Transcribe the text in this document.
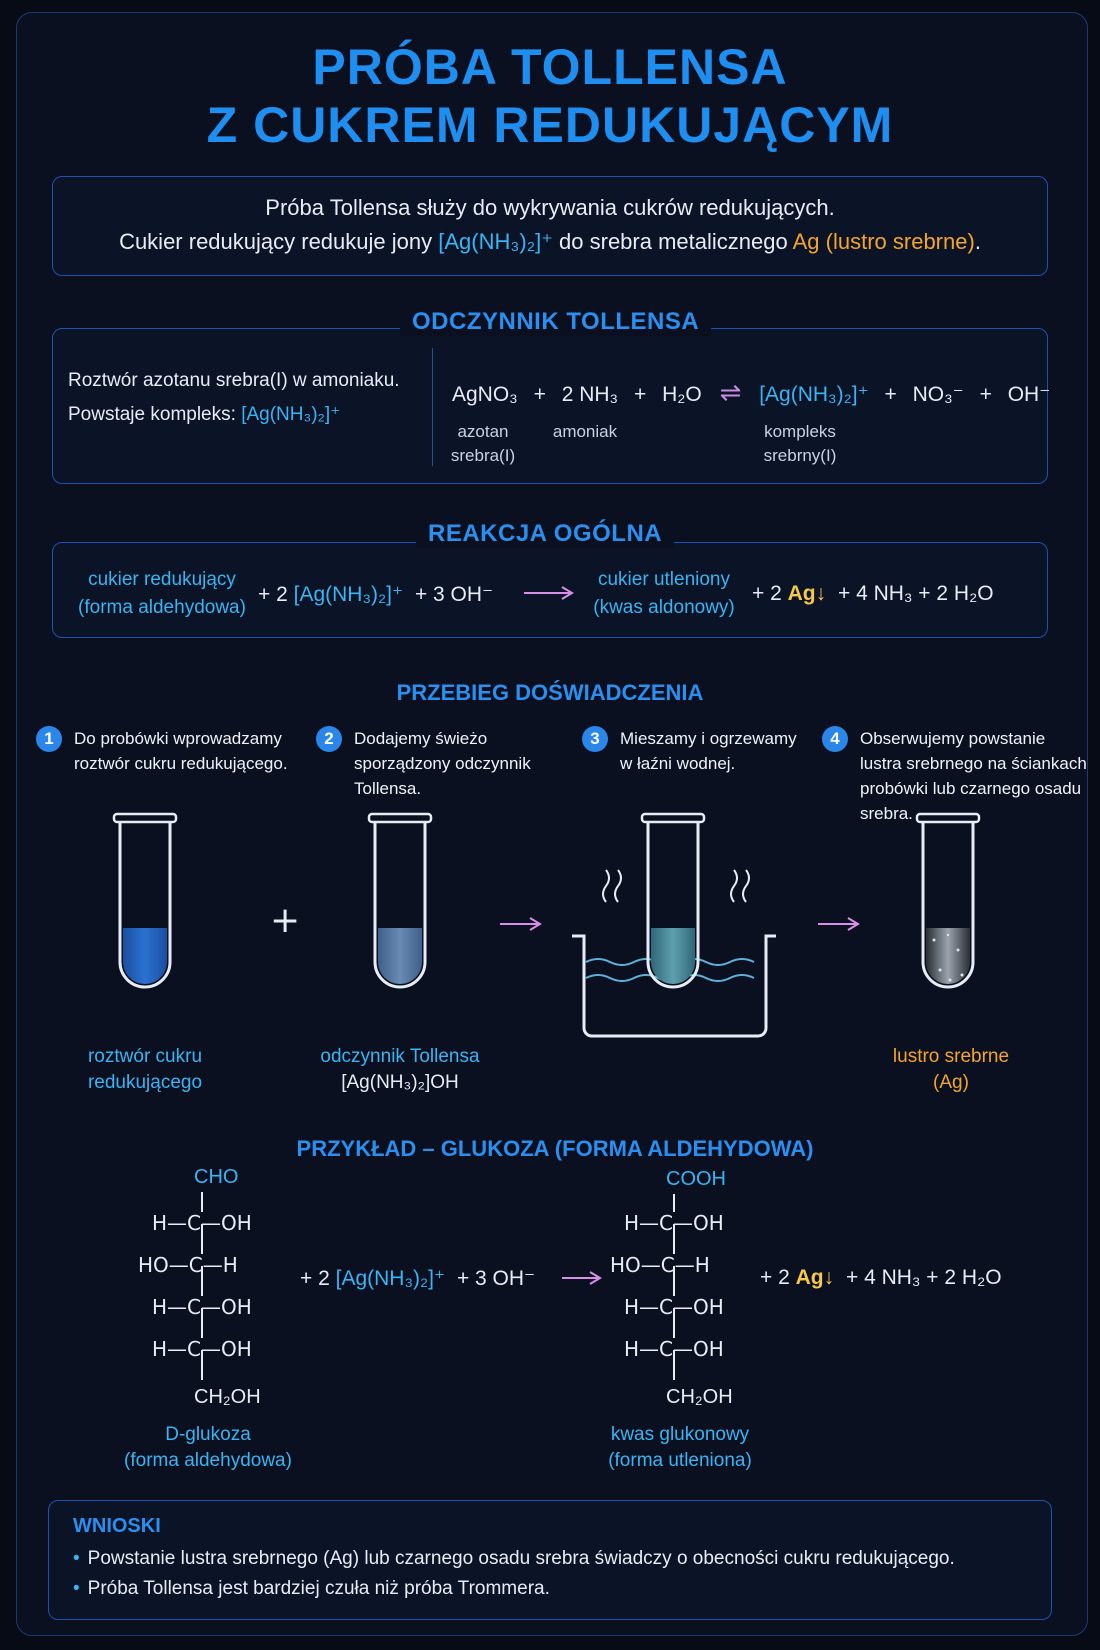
PRÓBA TOLLENSA
Z CUKREM REDUKUJĄCYM
Próba Tollensa służy do wykrywania cukrów redukujących.
Cukier redukujący redukuje jony [Ag(NH₃)₂]⁺ do srebra metalicznego Ag (lustro srebrne).
ODCZYNNIK TOLLENSA
Roztwór azotanu srebra(I) w amoniaku.
Powstaje kompleks: [Ag(NH₃)₂]⁺
AgNO₃ + 2 NH₃ + H₂O ⇌ [Ag(NH₃)₂]⁺ + NO₃⁻ + OH⁻
azotan
srebra(I)
amoniak	kompleks
srebrny(I)
REAKCJA OGÓLNA
cukier redukujący
(forma aldehydowa)
+ 2 [Ag(NH₃)₂]⁺ + 3 OH⁻
cukier utleniony
(kwas aldonowy)
+ 2 Ag↓ + 4 NH₃ + 2 H₂O
PRZEBIEG DOŚWIADCZENIA
1	Do probówki wprowadzamy
roztwór cukru redukującego.
2	Dodajemy świeżo
sporządzony odczynnik
Tollensa.
3	Mieszamy i ogrzewamy
w łaźni wodnej.
4	Obserwujemy powstanie
lustra srebrnego na ściankach
probówki lub czarnego osadu
srebra.
+
roztwór cukru
redukującego
odczynnik Tollensa
[Ag(NH₃)₂]OH
lustro srebrne
(Ag)
PRZYKŁAD – GLUKOZA (FORMA ALDEHYDOWA)
CHO
H—C—OH
HO—C—H
H—C—OH
H—C—OH
CH₂OH
D-glukoza
(forma aldehydowa)
+ 2 [Ag(NH₃)₂]⁺ + 3 OH⁻
COOH
H—C—OH
HO—C—H
H—C—OH
H—C—OH
CH₂OH
kwas glukonowy
(forma utleniona)
+ 2 Ag↓ + 4 NH₃ + 2 H₂O
WNIOSKI
• Powstanie lustra srebrnego (Ag) lub czarnego osadu srebra świadczy o obecności cukru redukującego.
• Próba Tollensa jest bardziej czuła niż próba Trommera.
